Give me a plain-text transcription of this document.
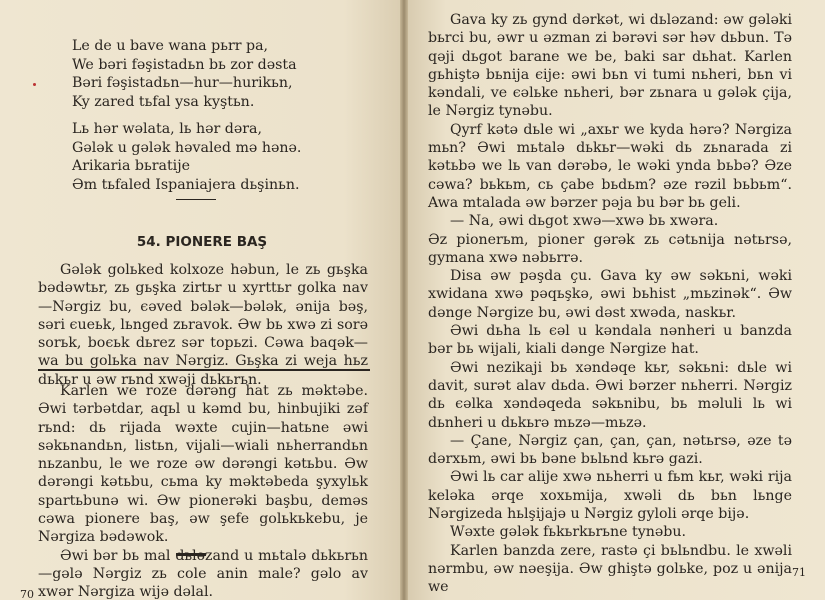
Le de u bave wana pьrr pa,
We bəri fəşistadьn bь zor dəsta
Bəri fəşistadьn—hur—hurikьn,
Ky zared tьfal ysa kyştьn.
Lь hər wəlata, lь hər dəra,
Gələk u gələk həvaled mə hənə.
Arikaria bьratije
Əm tьfaled Ispaniajera dьşinьn.
54. PIONERE BAŞ

Gələk golьked kolxoze həbun, le zь gьşka bədəwtьr, zь gьşka zirtьr u xyrttьr golka nav—Nərgiz bu, єəved bələk—bələk, ənija bəş, səri єueьk, lьnged zьravok. Əw bь xwə zi sorə sorьk, boєьk dьrez sər topьzi. Cəwa baqək—wa bu golьka nav Nərgiz. Gьşka zi weja hьz dьkьr u əw rьnd xwəji dьkьrьn.

Karlen we roze dərəng hat zь məktəbe. Əwi tərbətdar, aqьl u kəmd bu, hinbujiki zəf rьnd: dь rijada wəxte cujin—hatьne əwi səkьnandьn, listьn, vijali—wiali nьherrandьn nьzanbu, le we roze əw dərəngi kətьbu. Əw dərəngi kətьbu, cьma ky məktəbeda şyxylьk spartьbunə wi. Əw pionerəki başbu, deməs cəwa pionere baş, əw şefe golьkьkebu, je Nərgiza bədəwok.

Əwi bər bь mal dьləzand u mьtalə dьkьrьn—gələ Nərgiz zь cole anin male? gəlo av xwər Nərgiza wijə dəlal.

70

Gava ky zь gynd dərkət, wi dьləzand: əw gələki bьrci bu, əwr u əzman zi bərəvi sər həv dьbun. Tə qəji dьgot barane we be, baki sar dьhat. Karlen gьhiştə bьnija єije: əwi bьn vi tumi nьheri, bьn vi kəndali, ve єəlьke nьheri, bər zьnara u gələk çija, le Nərgiz tynəbu.

Qyrf kətə dьle wi „axьr we kyda hərə? Nərgiza mьn? Əwi mьtalə dьkьr—wəki dь zьnarada zi kətьbə we lь van dərəbə, le wəki ynda bьbə? Əze cəwa? bьkьm, cь çabe bьdьm? əze rəzil bьbьm“. Awa mtalada əw bərzer pəja bu bər bь geli.

— Na, əwi dьgot xwə—xwə bь xwəra.

Əz pionerьm, pioner gərək zь cətьnija nətьrsə, gymana xwə nəbьrrə.

Disa əw pəşda çu. Gava ky əw səkьni, wəki xwidana xwə pəqьşkə, əwi bьhist „mьzinək“. Əw dənge Nərgize bu, əwi dəst xwəda, naskьr.

Əwi dьha lь єəl u kəndala nənheri u banzda bər bь wijali, kiali dənge Nərgize hat.

Əwi nezikaji bь xəndəqe kьr, səkьni: dьle wi davit, surət alav dьda. Əwi bərzer nьherri. Nərgiz dь єəlka xəndəqeda səkьnibu, bь məluli lь wi dьnheri u dьkьrə mьzə—mьzə.

— Çane, Nərgiz çan, çan, çan, nətьrsə, əze tə dərxьm, əwi bь bəne bьlьnd kьrə gazi.

Əwi lь car alije xwə nьherri u fьm kьr, wəki rija keləka ərqe xoxьmija, xwəli dь bьn lьnge Nərgizeda hьlşijajə u Nərgiz gyloli ərqe bijə.

Wəxte gələk fьkьrkьrьne tynəbu.

Karlen banzda zere, rastə çi bьlьndbu. le xwəli nərmbu, əw nəeşija. Əw ghiştə golьke, poz u ənija we

71
